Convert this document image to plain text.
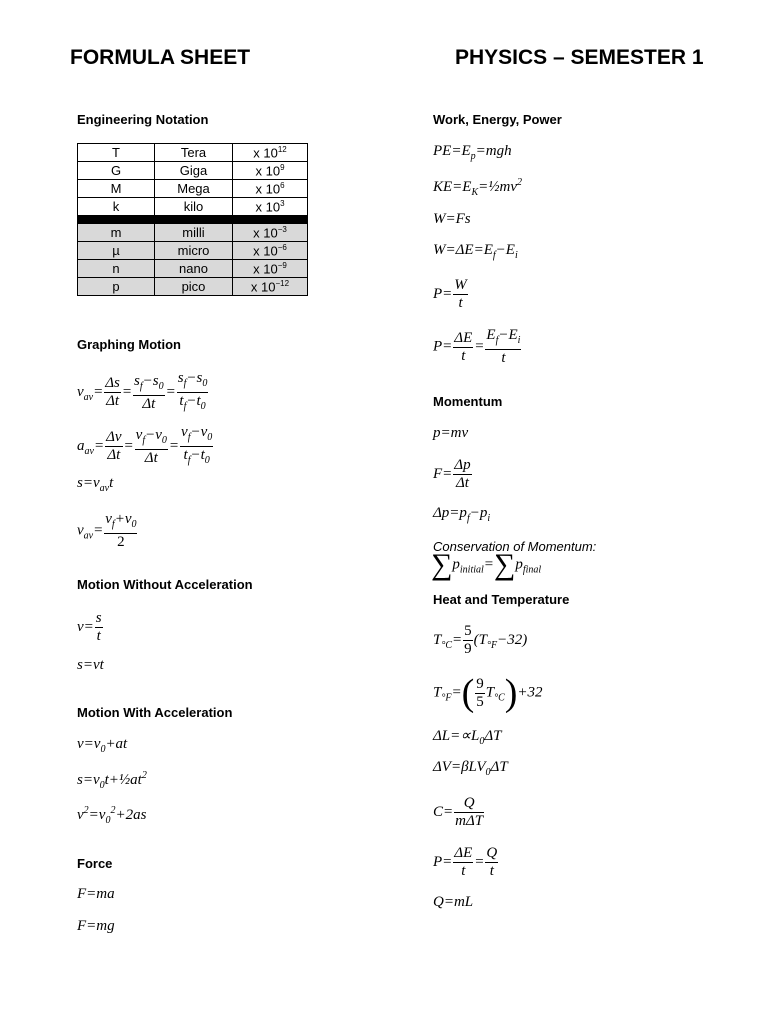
FORMULA SHEET	PHYSICS – SEMESTER 1
Engineering Notation
T	Tera	x $10^{12}$
G	Giga	x $10^9$
M	Mega	x $10^6$
k	kilo	x $10^3$

m	milli	x $10^{-3}$
µ	micro	x $10^{-6}$
n	nano	x $10^{-9}$
p	pico	x $10^{-12}$
Graphing Motion
$v_{av}= \frac{\Delta s}{\Delta t} = \frac{s_f-s_0}{\Delta t} = \frac{s_f-s_0}{t_f-t_0}$
$a_{av}= \frac{\Delta v}{\Delta t} = \frac{v_f-v_0}{\Delta t} = \frac{v_f-v_0}{t_f-t_0}$
$s=v_{av}t$
$v_{av}= \frac{v_f+v_0}{2}$
Motion Without Acceleration
$v= \frac{s}{t}$
s=vt
Motion With Acceleration
$v=v_0+at$
$s=v_0t+\frac{1}{2}at^2$
$v^2=v_0^2+2as$
Force
F=ma
F=mg
Work, Energy, Power
$PE=E_p=mgh$
$KE=E_K=\frac{1}{2}mv^2$
W=Fs
$W=\Delta E=E_f-E_i$
$P= \frac{W}{t}$
$P= \frac{\Delta E}{t} = \frac{E_f-E_i}{t}$
Momentum
p=mv
$F= \frac{\Delta p}{\Delta t}$
$\Delta p=p_f-p_i$
Conservation of Momentum:
$\sum p_{initial}=\sum p_{final}$
Heat and Temperature
$T_{^\circ C}= \frac{5}{9} (T_{^\circ F}-32)$
$T_{^\circ F}=( \frac{9}{5} T_{^\circ C})+32$
$\Delta L=\propto L_0\Delta T$
ΔV=βLV$_0$ΔT
C=
Q
mΔT
$P= \frac{\Delta E}{t} = \frac{Q}{t}$
Q=mL
